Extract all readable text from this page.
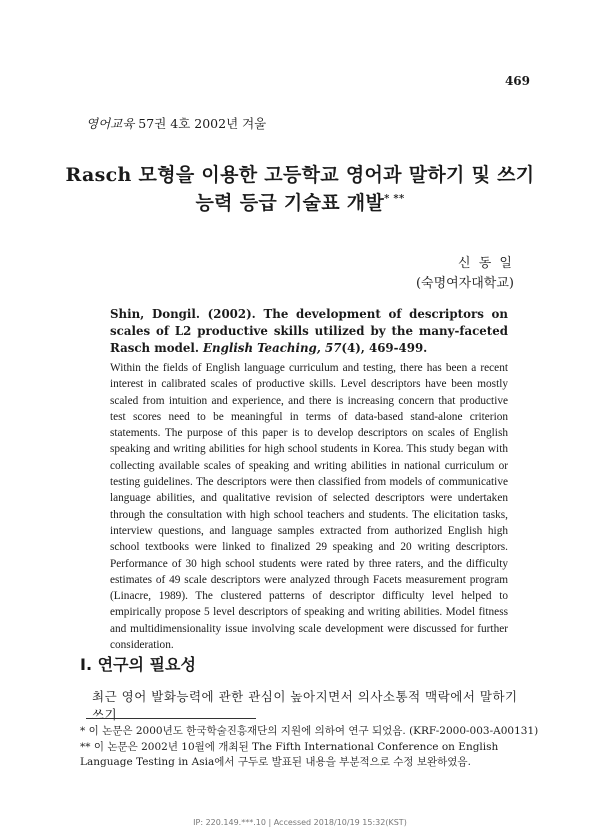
469
영어교육 57권 4호 2002년 겨울
Rasch 모형을 이용한 고등학교 영어과 말하기 및 쓰기
능력 등급 기술표 개발* **
신 동 일
(숙명여자대학교)
Shin, Dongil. (2002). The development of descriptors on scales of L2 productive skills utilized by the many-faceted Rasch model. English Teaching, 57(4), 469-499.
Within the fields of English language curriculum and testing, there has been a recent interest in calibrated scales of productive skills. Level descriptors have been mostly scaled from intuition and experience, and there is increasing concern that productive test scores need to be meaningful in terms of data-based stand-alone criterion statements. The purpose of this paper is to develop descriptors on scales of English speaking and writing abilities for high school students in Korea. This study began with collecting available scales of speaking and writing abilities in national curriculum or testing guidelines. The descriptors were then classified from models of communicative language abilities, and qualitative revision of selected descriptors were undertaken through the consultation with high school teachers and students. The elicitation tasks, interview questions, and language samples extracted from authorized English high school textbooks were linked to finalized 29 speaking and 20 writing descriptors. Performance of 30 high school students were rated by three raters, and the difficulty estimates of 49 scale descriptors were analyzed through Facets measurement program (Linacre, 1989). The clustered patterns of descriptor difficulty level helped to empirically propose 5 level descriptors of speaking and writing abilities. Model fitness and multidimensionality issue involving scale development were discussed for further consideration.
I. 연구의 필요성
최근 영어 발화능력에 관한 관심이 높아지면서 의사소통적 맥락에서 말하기 쓰기
* 이 논문은 2000년도 한국학술진흥재단의 지원에 의하여 연구 되었음. (KRF-2000-003-A00131)
** 이 논문은 2002년 10월에 개최된 The Fifth International Conference on English Language Testing in Asia에서 구두로 발표된 내용을 부분적으로 수정 보완하였음.
IP: 220.149.***.10 | Accessed 2018/10/19 15:32(KST)
